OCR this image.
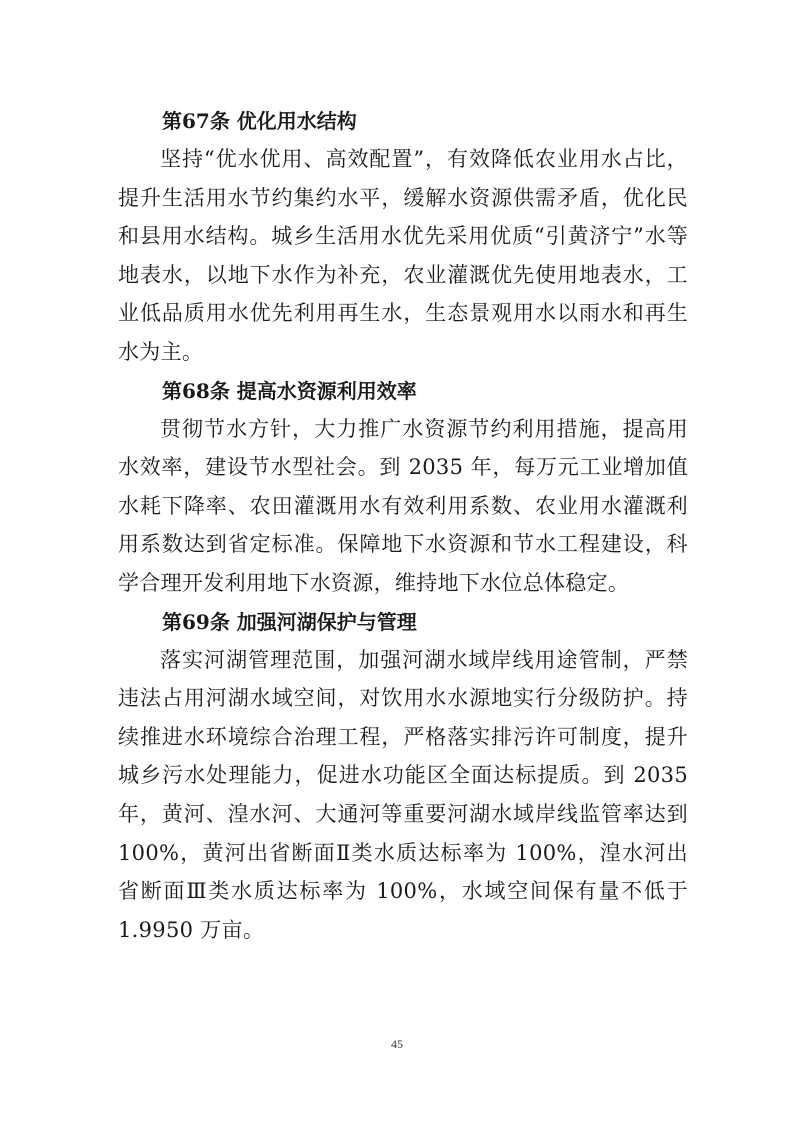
第67条 优化用水结构

坚持“优水优用、高效配置”，有效降低农业用水占比，提升生活用水节约集约水平，缓解水资源供需矛盾，优化民和县用水结构。城乡生活用水优先采用优质“引黄济宁”水等地表水，以地下水作为补充，农业灌溉优先使用地表水，工业低品质用水优先利用再生水，生态景观用水以雨水和再生水为主。

第68条 提高水资源利用效率

贯彻节水方针，大力推广水资源节约利用措施，提高用水效率，建设节水型社会。到 2035 年，每万元工业增加值水耗下降率、农田灌溉用水有效利用系数、农业用水灌溉利用系数达到省定标准。保障地下水资源和节水工程建设，科学合理开发利用地下水资源，维持地下水位总体稳定。

第69条 加强河湖保护与管理

落实河湖管理范围，加强河湖水域岸线用途管制，严禁违法占用河湖水域空间，对饮用水水源地实行分级防护。持续推进水环境综合治理工程，严格落实排污许可制度，提升城乡污水处理能力，促进水功能区全面达标提质。到 2035 年，黄河、湟水河、大通河等重要河湖水域岸线监管率达到 100%，黄河出省断面Ⅱ类水质达标率为 100%，湟水河出省断面Ⅲ类水质达标率为 100%，水域空间保有量不低于 1.9950 万亩。

45
